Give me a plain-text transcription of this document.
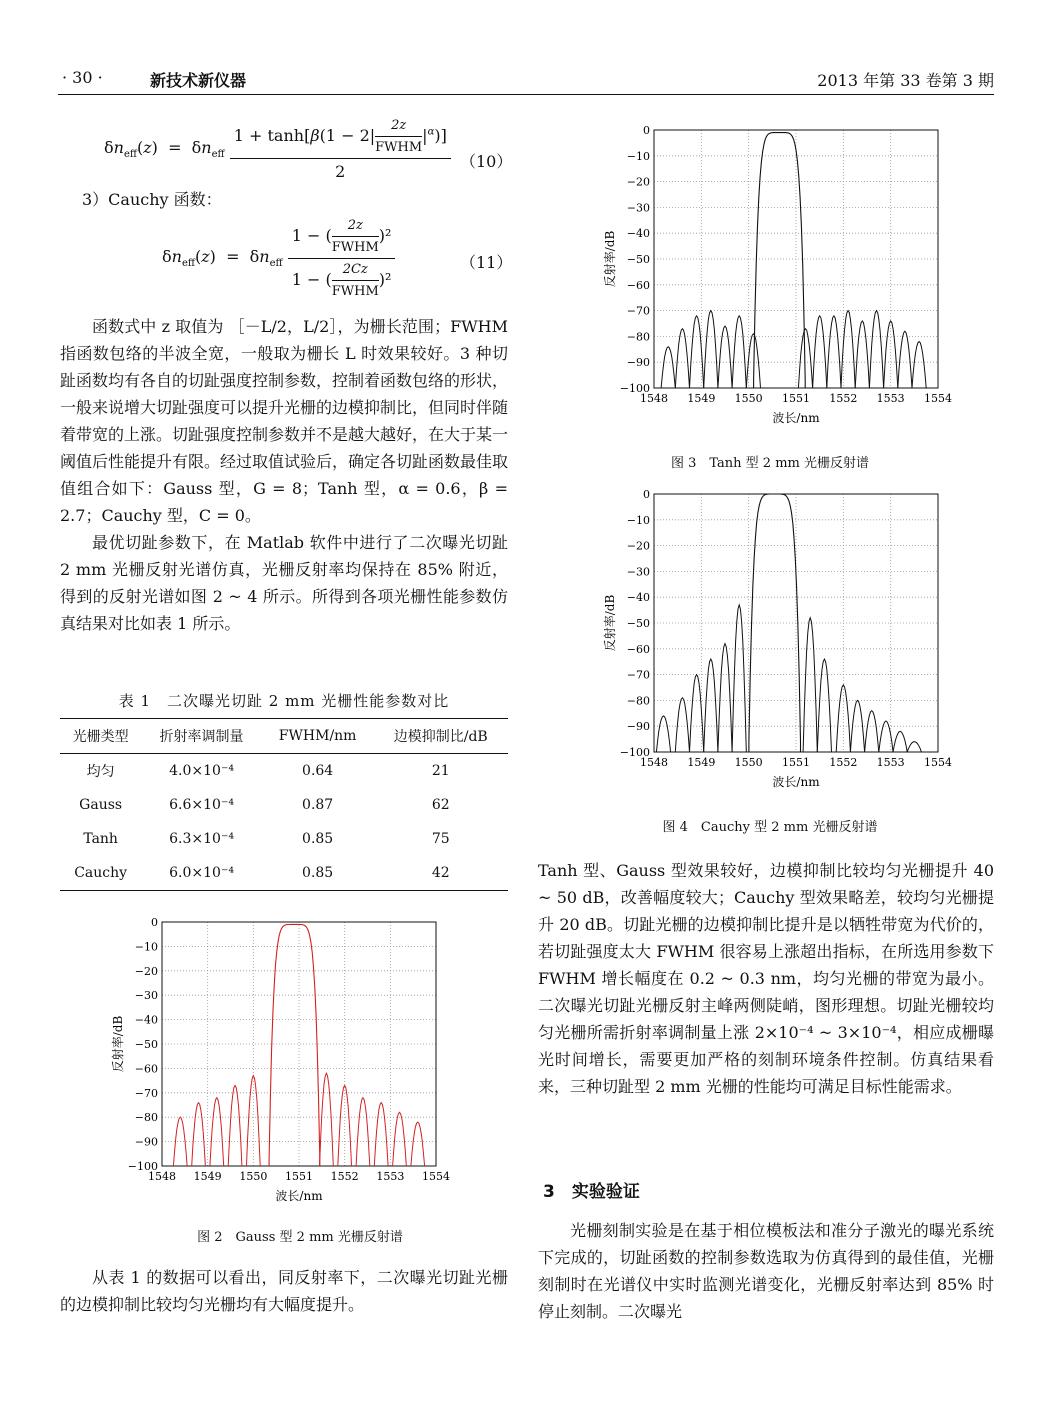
· 30 ·	新技术新仪器	2013 年第 33 卷第 3 期
$\delta n_{eff}(z) = \delta n_{eff} \frac{1 + \tanh[\beta(1 - 2| \frac{2z}{\text{FWHM}} |^\alpha)]}{2} (10)$
3）Cauchy 函数：
$\delta n_{eff}(z) = \delta n_{eff} \frac{1 - ( \frac{2z}{\text{FWHM}} )^2}{1 - ( \frac{2Cz}{\text{FWHM}} )^2}$	（11）

函数式中 z 取值为 ［－L/2，L/2］，为栅长范围；FWHM 指函数包络的半波全宽，一般取为栅长 L 时效果较好。3 种切趾函数均有各自的切趾强度控制参数，控制着函数包络的形状，一般来说增大切趾强度可以提升光栅的边模抑制比，但同时伴随着带宽的上涨。切趾强度控制参数并不是越大越好，在大于某一阈值后性能提升有限。经过取值试验后，确定各切趾函数最佳取值组合如下：Gauss 型，G = 8；Tanh 型，α = 0.6，β = 2.7；Cauchy 型，C = 0。

最优切趾参数下，在 Matlab 软件中进行了二次曝光切趾 2 mm 光栅反射光谱仿真，光栅反射率均保持在 85% 附近，得到的反射光谱如图 2 ~ 4 所示。所得到各项光栅性能参数仿真结果对比如表 1 所示。

表 1　二次曝光切趾 2 mm 光栅性能参数对比
光栅类型	折射率调制量	FWHM/nm	边模抑制比/dB
均匀	4.0×10⁻⁴	0.64	21
Gauss	6.6×10⁻⁴	0.87	62
Tanh	6.3×10⁻⁴	0.85	75
Cauchy	6.0×10⁻⁴	0.85	42
0
−10
−20
−30
−40
−50
−60
−70
−80
−90
−100
1548 1549 1550 1551 1552 1553 1554
波长/nm
反射率/dB
图 2　Gauss 型 2 mm 光栅反射谱

从表 1 的数据可以看出，同反射率下，二次曝光切趾光栅的边模抑制比较均匀光栅均有大幅度提升。

0
−10
−20
−30
−40
−50
−60
−70
−80
−90
−100
1548 1549 1550 1551 1552 1553 1554
波长/nm
反射率/dB
图 3　Tanh 型 2 mm 光栅反射谱
0
−10
−20
−30
−40
−50
−60
−70
−80
−90
−100
1548 1549 1550 1551 1552 1553 1554
波长/nm
反射率/dB
图 4　Cauchy 型 2 mm 光栅反射谱

Tanh 型、Gauss 型效果较好，边模抑制比较均匀光栅提升 40 ~ 50 dB，改善幅度较大；Cauchy 型效果略差，较均匀光栅提升 20 dB。切趾光栅的边模抑制比提升是以牺牲带宽为代价的，若切趾强度太大 FWHM 很容易上涨超出指标，在所选用参数下 FWHM 增长幅度在 0.2 ~ 0.3 nm，均匀光栅的带宽为最小。二次曝光切趾光栅反射主峰两侧陡峭，图形理想。切趾光栅较均匀光栅所需折射率调制量上涨 2×10⁻⁴ ~ 3×10⁻⁴，相应成栅曝光时间增长，需要更加严格的刻制环境条件控制。仿真结果看来，三种切趾型 2 mm 光栅的性能均可满足目标性能需求。

3　实验验证

光栅刻制实验是在基于相位模板法和准分子激光的曝光系统下完成的，切趾函数的控制参数选取为仿真得到的最佳值，光栅刻制时在光谱仪中实时监测光谱变化，光栅反射率达到 85% 时停止刻制。二次曝光
